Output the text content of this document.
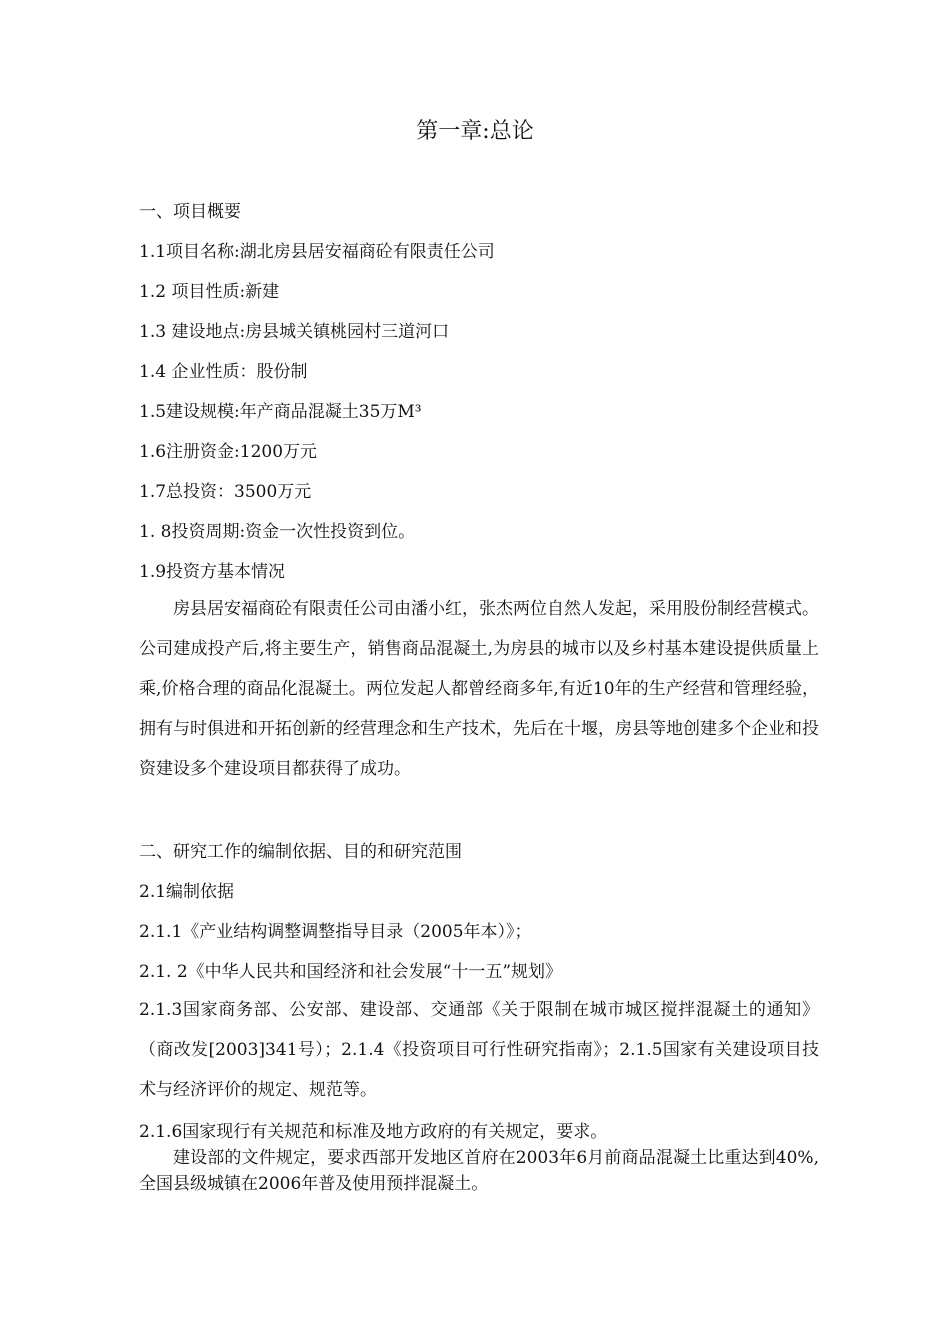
第一章:总论
一、项目概要
1.1项目名称:湖北房县居安福商砼有限责任公司
1.2 项目性质:新建
1.3 建设地点:房县城关镇桃园村三道河口
1.4 企业性质：股份制
1.5建设规模:年产商品混凝土35万M³
1.6注册资金:1200万元
1.7总投资：3500万元
1. 8投资周期:资金一次性投资到位。
1.9投资方基本情况

房县居安福商砼有限责任公司由潘小红，张杰两位自然人发起，采用股份制经营模式。公司建成投产后,将主要生产，销售商品混凝土,为房县的城市以及乡村基本建设提供质量上乘,价格合理的商品化混凝土。两位发起人都曾经商多年,有近10年的生产经营和管理经验，拥有与时俱进和开拓创新的经营理念和生产技术，先后在十堰，房县等地创建多个企业和投资建设多个建设项目都获得了成功。

二、研究工作的编制依据、目的和研究范围
2.1编制依据
2.1.1《产业结构调整调整指导目录（2005年本）》；
2.1. 2《中华人民共和国经济和社会发展“十一五”规划》

2.1.3国家商务部、公安部、建设部、交通部《关于限制在城市城区搅拌混凝土的通知》（商改发[2003]341号）；2.1.4《投资项目可行性研究指南》；2.1.5国家有关建设项目技术与经济评价的规定、规范等。

2.1.6国家现行有关规范和标准及地方政府的有关规定，要求。

建设部的文件规定，要求西部开发地区首府在2003年6月前商品混凝土比重达到40%,全国县级城镇在2006年普及使用预拌混凝土。
